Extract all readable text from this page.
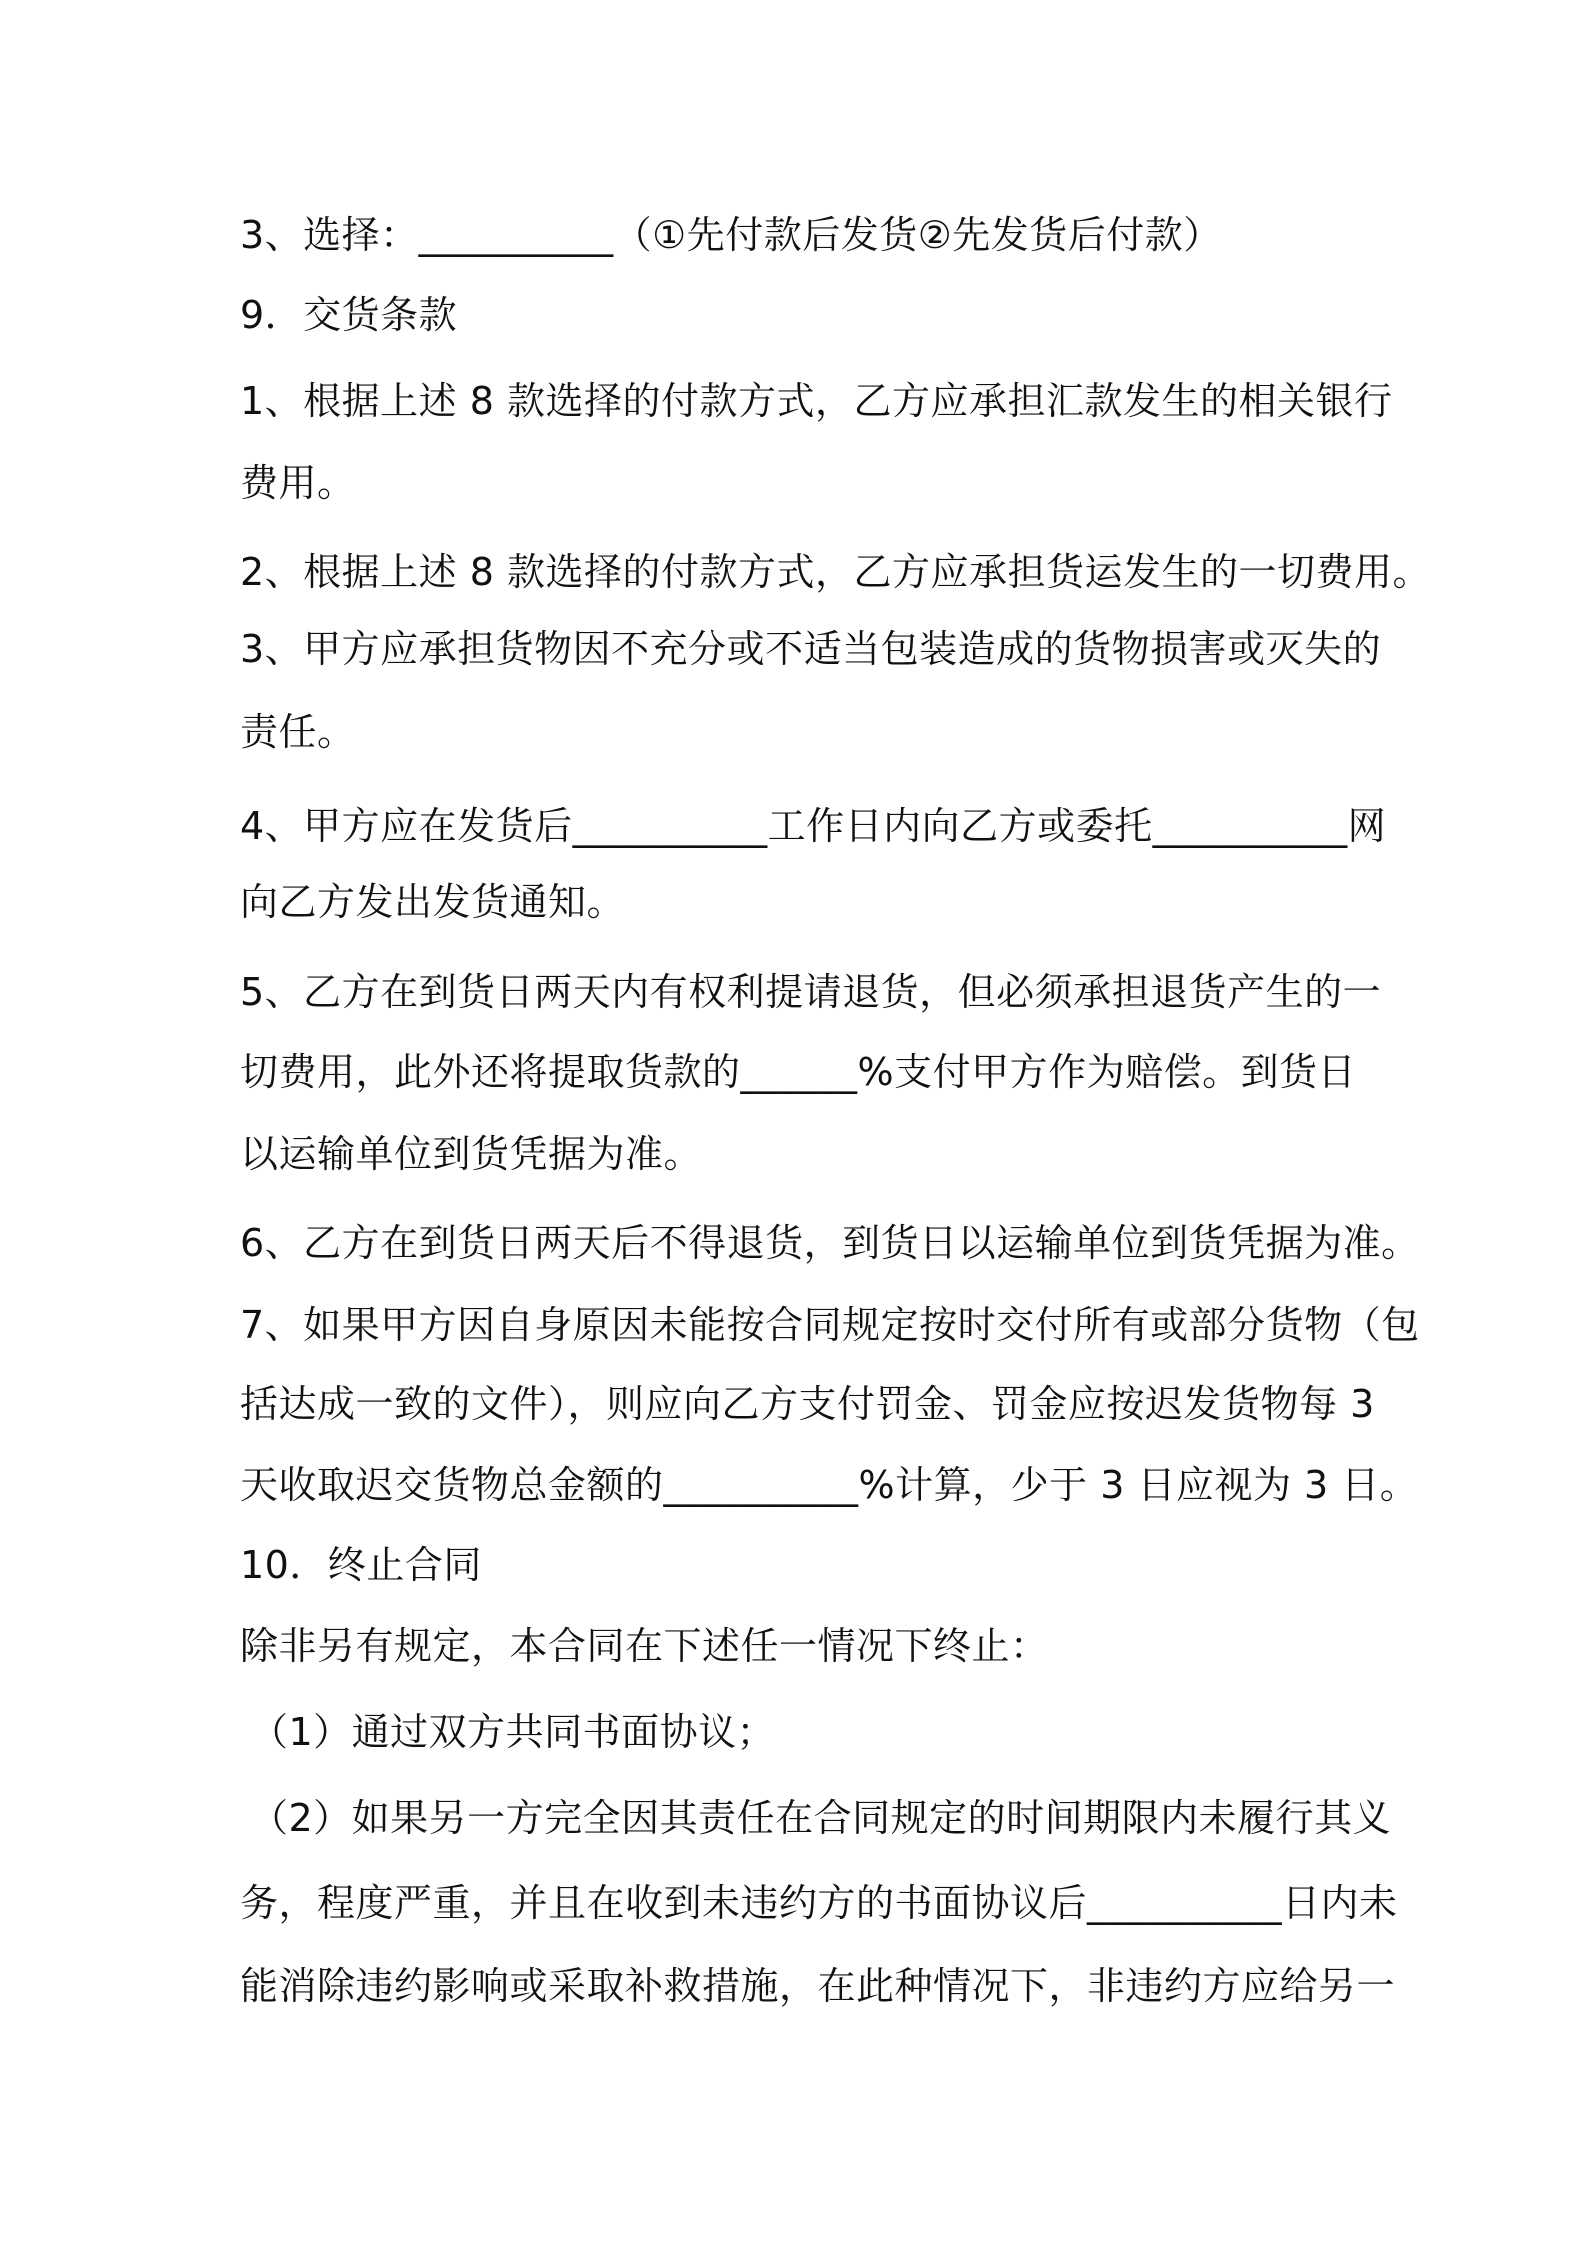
3、选择：__________（①先付款后发货②先发货后付款）
9．交货条款
1、根据上述 8 款选择的付款方式，乙方应承担汇款发生的相关银行
费用。
2、根据上述 8 款选择的付款方式，乙方应承担货运发生的一切费用。
3、甲方应承担货物因不充分或不适当包装造成的货物损害或灭失的
责任。
4、甲方应在发货后__________工作日内向乙方或委托__________网
向乙方发出发货通知。
5、乙方在到货日两天内有权利提请退货，但必须承担退货产生的一
切费用，此外还将提取货款的______%支付甲方作为赔偿。到货日
以运输单位到货凭据为准。
6、乙方在到货日两天后不得退货，到货日以运输单位到货凭据为准。
7、如果甲方因自身原因未能按合同规定按时交付所有或部分货物（包
括达成一致的文件），则应向乙方支付罚金、罚金应按迟发货物每 3
天收取迟交货物总金额的__________%计算，少于 3 日应视为 3 日。
10．终止合同
除非另有规定，本合同在下述任一情况下终止：
（1）通过双方共同书面协议；
（2）如果另一方完全因其责任在合同规定的时间期限内未履行其义
务，程度严重，并且在收到未违约方的书面协议后__________日内未
能消除违约影响或采取补救措施，在此种情况下，非违约方应给另一
